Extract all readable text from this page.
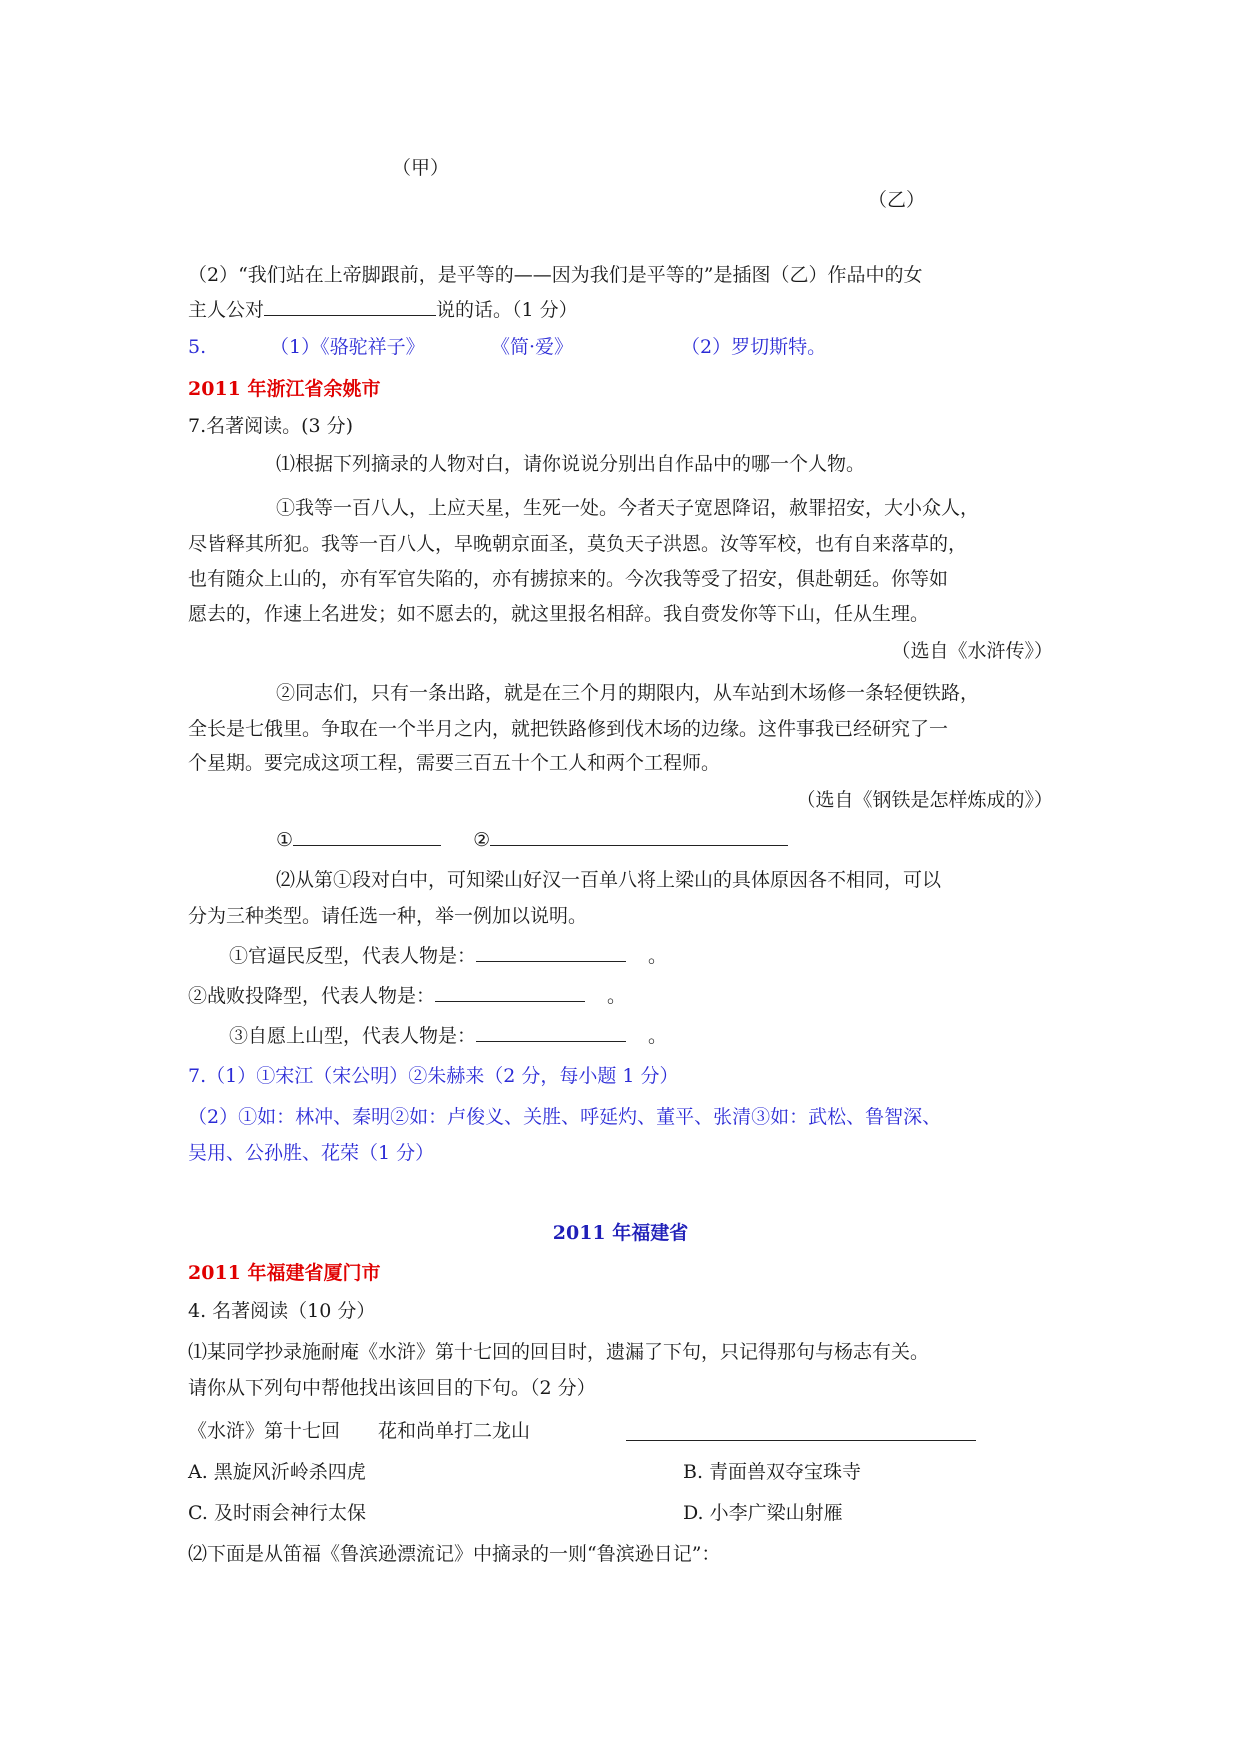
（甲）
（乙）
（2）“我们站在上帝脚跟前，是平等的——因为我们是平等的”是插图（乙）作品中的女
主人公对	说的话。（1 分）
5.	（1）《骆驼祥子》	《简·爱》	（2）罗切斯特。
2011 年浙江省余姚市
7.名著阅读。(3 分)
⑴根据下列摘录的人物对白，请你说说分别出自作品中的哪一个人物。
①我等一百八人，上应天星，生死一处。今者天子宽恩降诏，赦罪招安，大小众人，
尽皆释其所犯。我等一百八人，早晚朝京面圣，莫负天子洪恩。汝等军校，也有自来落草的，
也有随众上山的，亦有军官失陷的，亦有掳掠来的。今次我等受了招安，俱赴朝廷。你等如
愿去的，作速上名进发；如不愿去的，就这里报名相辞。我自赍发你等下山，任从生理。
（选自《水浒传》）
②同志们，只有一条出路，就是在三个月的期限内，从车站到木场修一条轻便铁路，
全长是七俄里。争取在一个半月之内，就把铁路修到伐木场的边缘。这件事我已经研究了一
个星期。要完成这项工程，需要三百五十个工人和两个工程师。
（选自《钢铁是怎样炼成的》）
①	②
⑵从第①段对白中，可知梁山好汉一百单八将上梁山的具体原因各不相同，可以
分为三种类型。请任选一种，举一例加以说明。
①官逼民反型，代表人物是：	。
②战败投降型，代表人物是：	。
③自愿上山型，代表人物是：	。
7.（1）①宋江（宋公明）②朱赫来（2 分，每小题 1 分）
（2）①如：林冲、秦明②如：卢俊义、关胜、呼延灼、董平、张清③如：武松、鲁智深、
吴用、公孙胜、花荣（1 分）
2011 年福建省
2011 年福建省厦门市
4. 名著阅读（10 分）
⑴某同学抄录施耐庵《水浒》第十七回的回目时，遗漏了下句，只记得那句与杨志有关。
请你从下列句中帮他找出该回目的下句。（2 分）
《水浒》第十七回 花和尚单打二龙山
A. 黑旋风沂岭杀四虎	B. 青面兽双夺宝珠寺
C. 及时雨会神行太保	D. 小李广梁山射雁
⑵下面是从笛福《鲁滨逊漂流记》中摘录的一则“鲁滨逊日记”：
